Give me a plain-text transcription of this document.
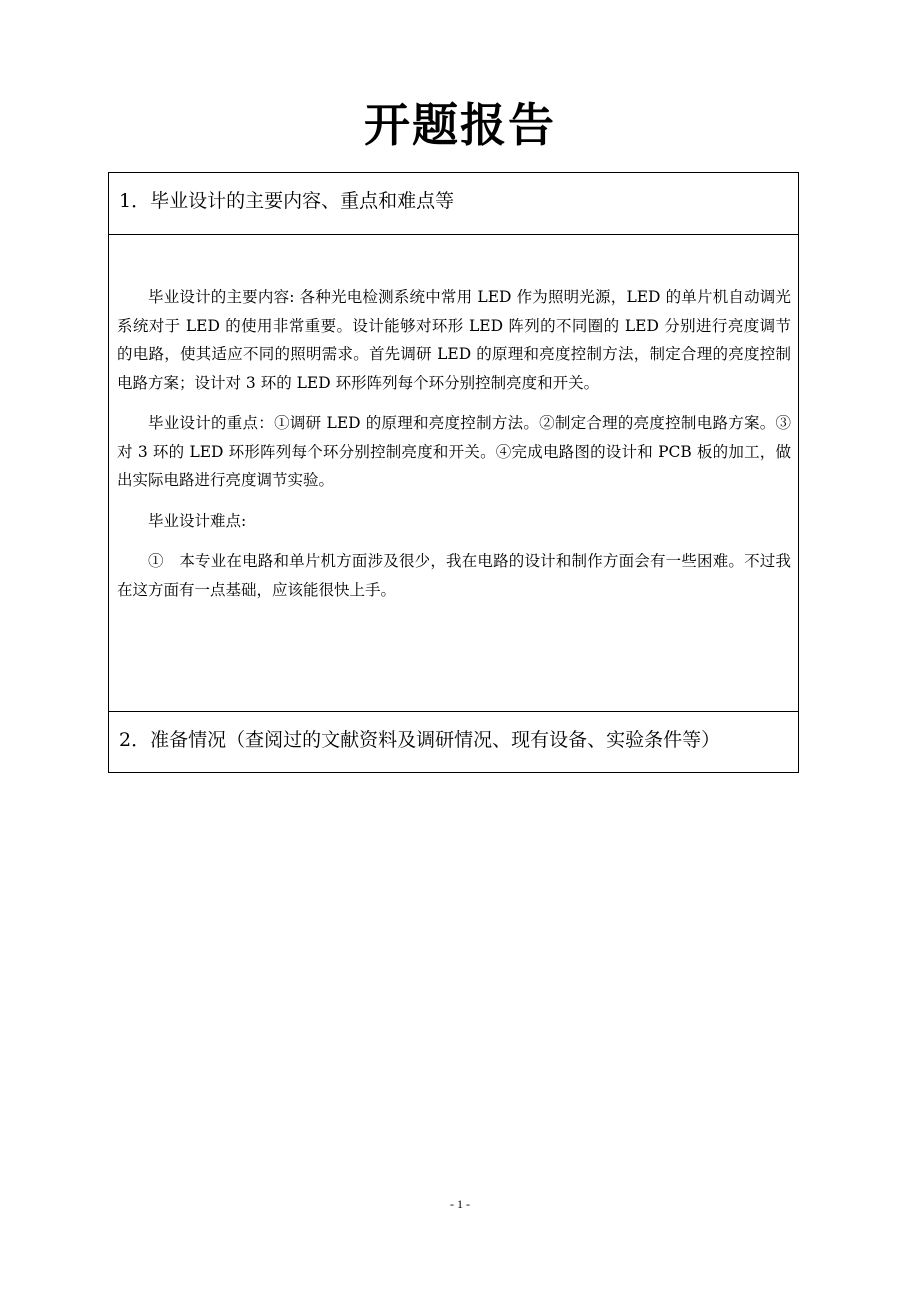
开题报告
1．毕业设计的主要内容、重点和难点等

毕业设计的主要内容: 各种光电检测系统中常用 LED 作为照明光源，LED 的单片机自动调光系统对于 LED 的使用非常重要。设计能够对环形 LED 阵列的不同圈的 LED 分别进行亮度调节的电路，使其适应不同的照明需求。首先调研 LED 的原理和亮度控制方法，制定合理的亮度控制电路方案；设计对 3 环的 LED 环形阵列每个环分别控制亮度和开关。

毕业设计的重点：①调研 LED 的原理和亮度控制方法。②制定合理的亮度控制电路方案。③对 3 环的 LED 环形阵列每个环分别控制亮度和开关。④完成电路图的设计和 PCB 板的加工，做出实际电路进行亮度调节实验。

毕业设计难点:

①　本专业在电路和单片机方面涉及很少，我在电路的设计和制作方面会有一些困难。不过我在这方面有一点基础，应该能很快上手。

2．准备情况（查阅过的文献资料及调研情况、现有设备、实验条件等）
- 1 -
